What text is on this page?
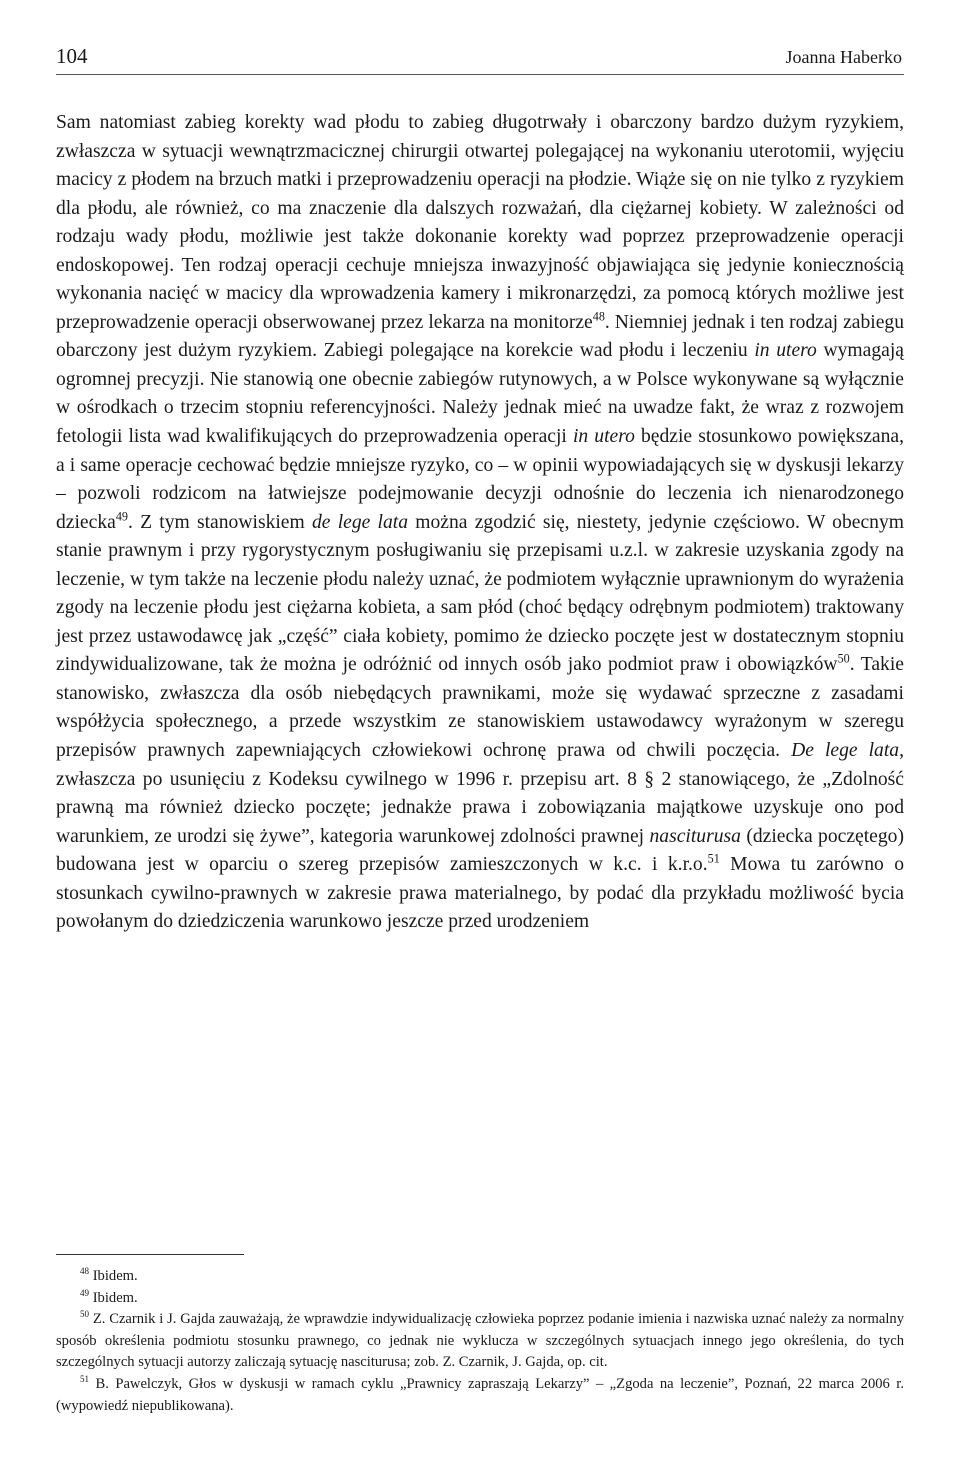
104	Joanna Haberko

Sam natomiast zabieg korekty wad płodu to zabieg długotrwały i obarczony bardzo dużym ryzykiem, zwłaszcza w sytuacji wewnątrzmacicznej chirurgii otwartej polegającej na wykonaniu uterotomii, wyjęciu macicy z płodem na brzuch matki i przeprowadzeniu operacji na płodzie. Wiąże się on nie tylko z ryzykiem dla płodu, ale również, co ma znaczenie dla dalszych rozważań, dla ciężarnej kobiety. W zależności od rodzaju wady płodu, możliwie jest także dokonanie korekty wad poprzez przeprowadzenie operacji endoskopowej. Ten rodzaj operacji cechuje mniejsza inwazyjność objawiająca się jedynie koniecznością wykonania nacięć w macicy dla wprowadzenia kamery i mikronarzędzi, za pomocą których możliwe jest przeprowadzenie operacji obserwowanej przez lekarza na monitorze$^{48}$. Niemniej jednak i ten rodzaj zabiegu obarczony jest dużym ryzykiem. Zabiegi polegające na korekcie wad płodu i leczeniu in utero wymagają ogromnej precyzji. Nie stanowią one obecnie zabiegów rutynowych, a w Polsce wykonywane są wyłącznie w ośrodkach o trzecim stopniu referencyjności. Należy jednak mieć na uwadze fakt, że wraz z rozwojem fetologii lista wad kwalifikujących do przeprowadzenia operacji in utero będzie stosunkowo powiększana, a i same operacje cechować będzie mniejsze ryzyko, co – w opinii wypowiadających się w dyskusji lekarzy – pozwoli rodzicom na łatwiejsze podejmowanie decyzji odnośnie do leczenia ich nienarodzonego dziecka$^{49}$. Z tym stanowiskiem de lege lata można zgodzić się, niestety, jedynie częściowo. W obecnym stanie prawnym i przy rygorystycznym posługiwaniu się przepisami u.z.l. w zakresie uzyskania zgody na leczenie, w tym także na leczenie płodu należy uznać, że podmiotem wyłącznie uprawnionym do wyrażenia zgody na leczenie płodu jest ciężarna kobieta, a sam płód (choć będący odrębnym podmiotem) traktowany jest przez ustawodawcę jak „część” ciała kobiety, pomimo że dziecko poczęte jest w dostatecznym stopniu zindywidualizowane, tak że można je odróżnić od innych osób jako podmiot praw i obowiązków$^{50}$. Takie stanowisko, zwłaszcza dla osób niebędących prawnikami, może się wydawać sprzeczne z zasadami współżycia społecznego, a przede wszystkim ze stanowiskiem ustawodawcy wyrażonym w szeregu przepisów prawnych zapewniających człowiekowi ochronę prawa od chwili poczęcia. De lege lata, zwłaszcza po usunięciu z Kodeksu cywilnego w 1996 r. przepisu art. 8 § 2 stanowiącego, że „Zdolność prawną ma również dziecko poczęte; jednakże prawa i zobowiązania majątkowe uzyskuje ono pod warunkiem, ze urodzi się żywe”, kategoria warunkowej zdolności prawnej nasciturusa (dziecka poczętego) budowana jest w oparciu o szereg przepisów zamieszczonych w k.c. i k.r.o.$^{51}$ Mowa tu zarówno o stosunkach cywilno-prawnych w zakresie prawa materialnego, by podać dla przykładu możliwość bycia powołanym do dziedziczenia warunkowo jeszcze przed urodzeniem

$^{48}$ Ibidem.

$^{49}$ Ibidem.

$^{50}$ Z. Czarnik i J. Gajda zauważają, że wprawdzie indywidualizację człowieka poprzez podanie imienia i nazwiska uznać należy za normalny sposób określenia podmiotu stosunku prawnego, co jednak nie wyklucza w szczególnych sytuacjach innego jego określenia, do tych szczególnych sytuacji autorzy zaliczają sytuację nasciturusa; zob. Z. Czarnik, J. Gajda, op. cit.

$^{51}$ B. Pawelczyk, Głos w dyskusji w ramach cyklu „Prawnicy zapraszają Lekarzy” – „Zgoda na leczenie”, Poznań, 22 marca 2006 r. (wypowiedź niepublikowana).
